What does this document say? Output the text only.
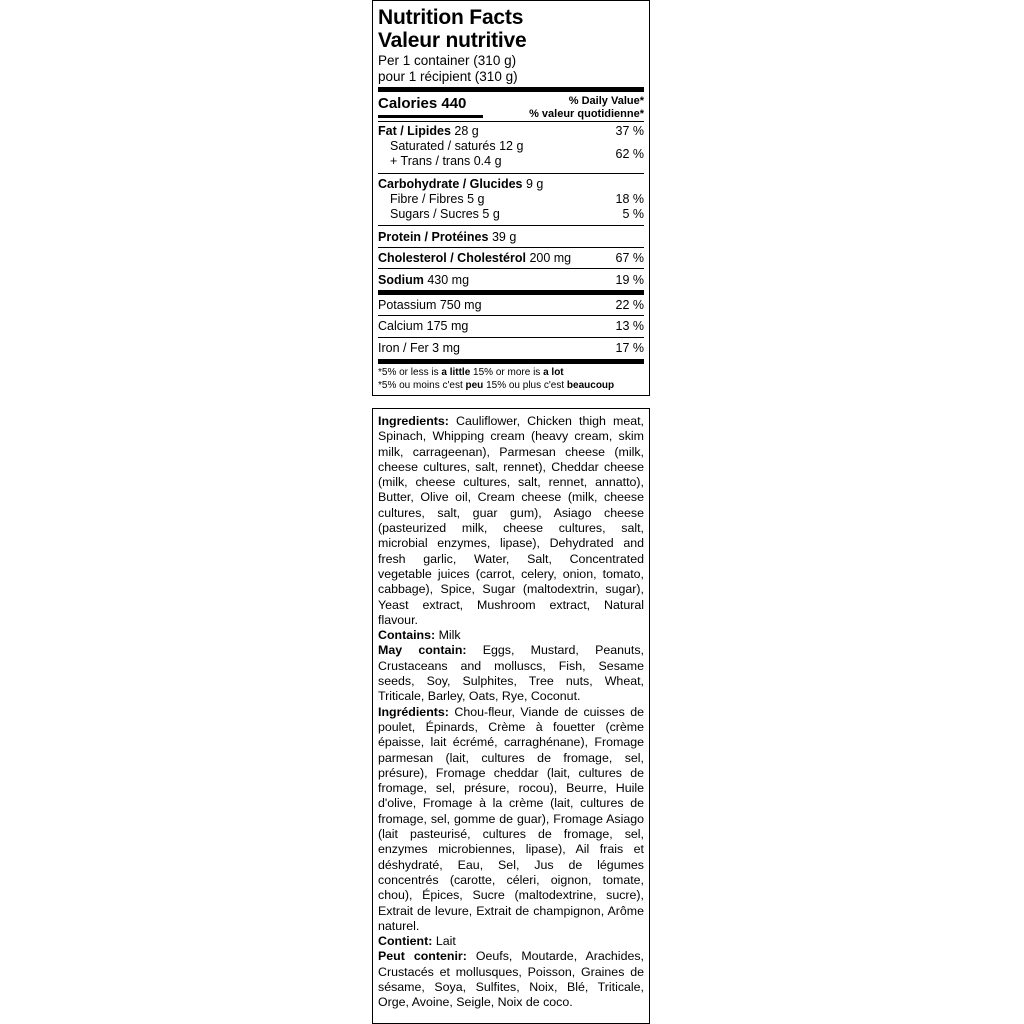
Nutrition Facts
Valeur nutritive
Per 1 container (310 g)
pour 1 récipient (310 g)
Calories 440	% Daily Value*
% valeur quotidienne*
Fat / Lipides 28 g	37 %
Saturated / saturés 12 g
+ Trans / trans 0.4 g	62 %
Carbohydrate / Glucides 9 g
Fibre / Fibres 5 g	18 %
Sugars / Sucres 5 g	5 %
Protein / Protéines 39 g
Cholesterol / Cholestérol 200 mg	67 %
Sodium 430 mg	19 %
Potassium 750 mg	22 %
Calcium 175 mg	13 %
Iron / Fer 3 mg	17 %
*5% or less is a little 15% or more is a lot
*5% ou moins c'est peu 15% ou plus c'est beaucoup

Ingredients: Cauliflower, Chicken thigh meat, Spinach, Whipping cream (heavy cream, skim milk, carrageenan), Parmesan cheese (milk, cheese cultures, salt, rennet), Cheddar cheese (milk, cheese cultures, salt, rennet, annatto), Butter, Olive oil, Cream cheese (milk, cheese cultures, salt, guar gum), Asiago cheese (pasteurized milk, cheese cultures, salt, microbial enzymes, lipase), Dehydrated and fresh garlic, Water, Salt, Concentrated vegetable juices (carrot, celery, onion, tomato, cabbage), Spice, Sugar (maltodextrin, sugar), Yeast extract, Mushroom extract, Natural flavour.

Contains: Milk

May contain: Eggs, Mustard, Peanuts, Crustaceans and molluscs, Fish, Sesame seeds, Soy, Sulphites, Tree nuts, Wheat, Triticale, Barley, Oats, Rye, Coconut.

Ingrédients: Chou-fleur, Viande de cuisses de poulet, Épinards, Crème à fouetter (crème épaisse, lait écrémé, carraghénane), Fromage parmesan (lait, cultures de fromage, sel, présure), Fromage cheddar (lait, cultures de fromage, sel, présure, rocou), Beurre, Huile d'olive, Fromage à la crème (lait, cultures de fromage, sel, gomme de guar), Fromage Asiago (lait pasteurisé, cultures de fromage, sel, enzymes microbiennes, lipase), Ail frais et déshydraté, Eau, Sel, Jus de légumes concentrés (carotte, céleri, oignon, tomate, chou), Épices, Sucre (maltodextrine, sucre), Extrait de levure, Extrait de champignon, Arôme naturel.

Contient: Lait

Peut contenir: Oeufs, Moutarde, Arachides, Crustacés et mollusques, Poisson, Graines de sésame, Soya, Sulfites, Noix, Blé, Triticale, Orge, Avoine, Seigle, Noix de coco.
